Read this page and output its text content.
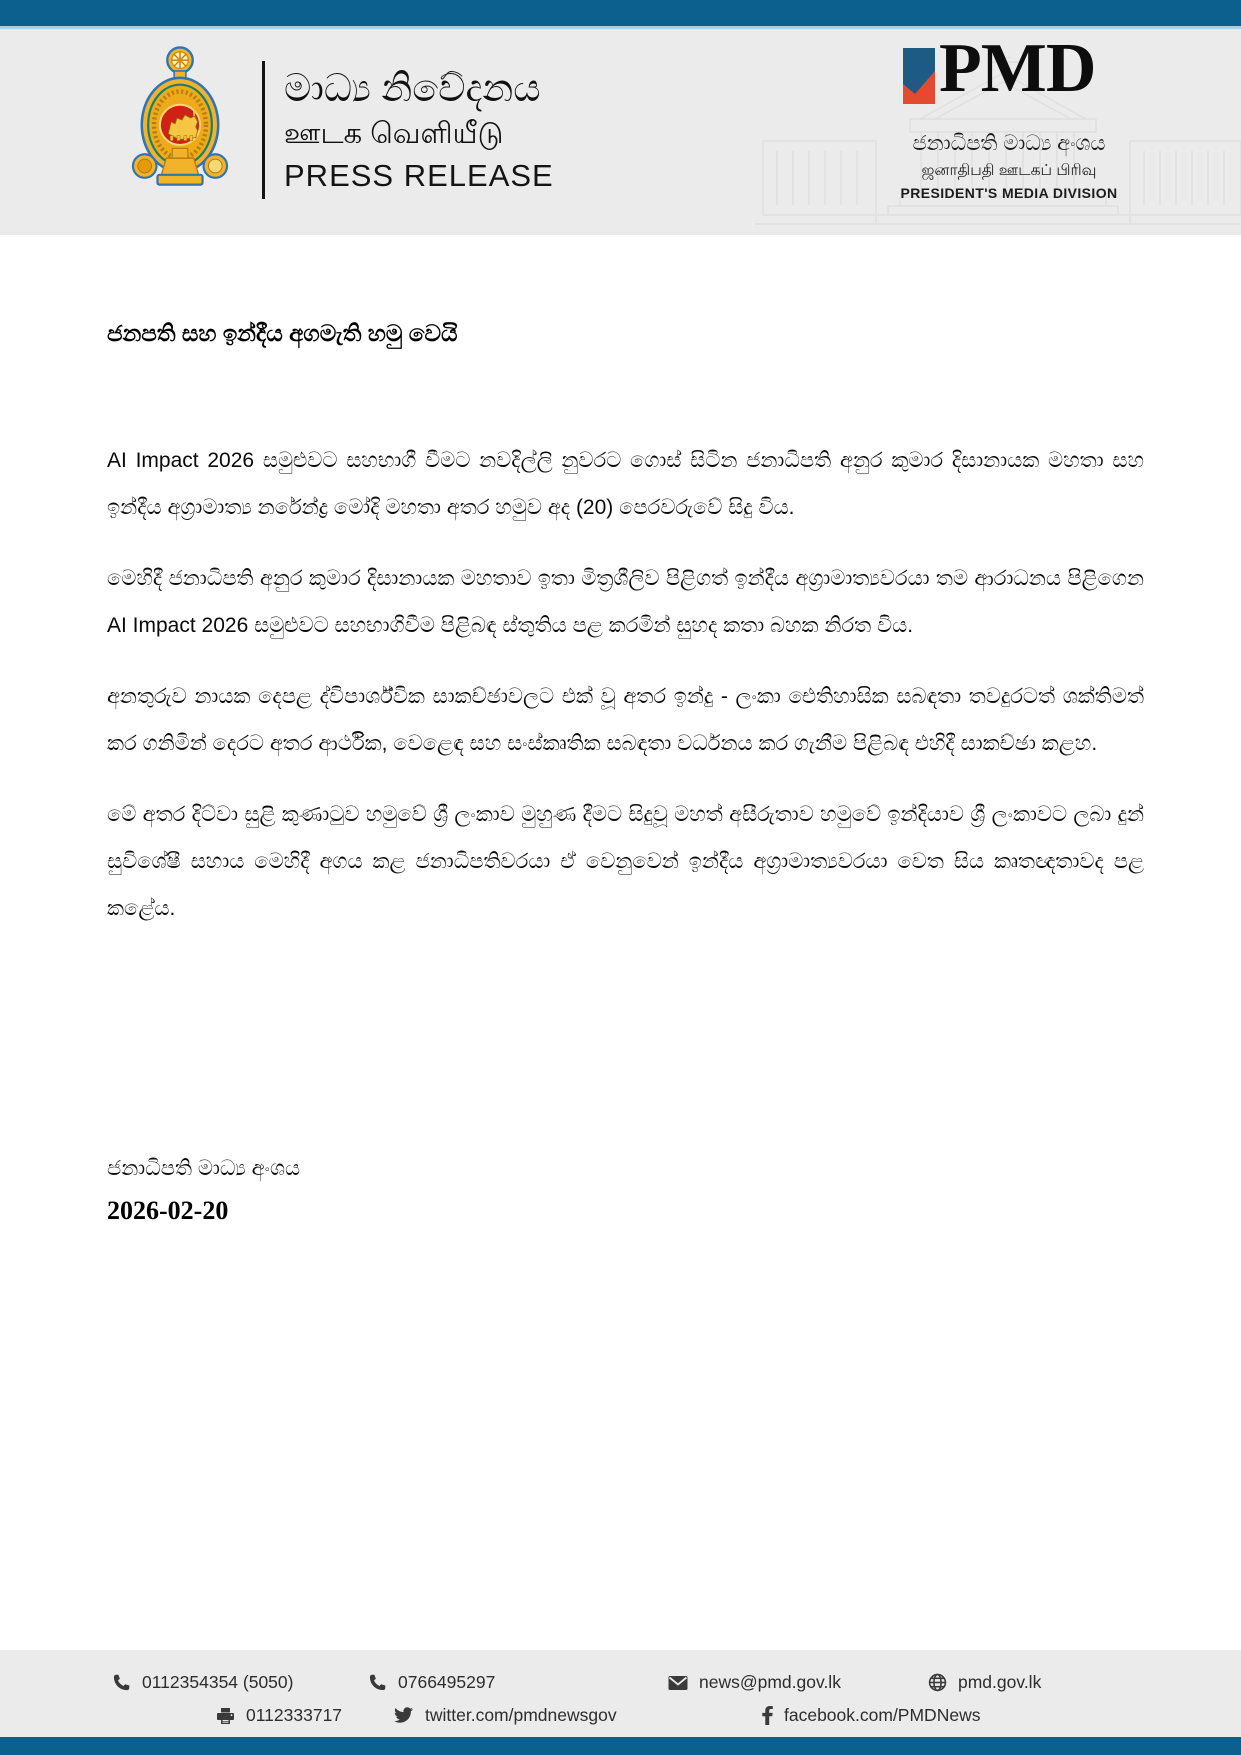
මාධ්‍ය නිවේදනය
ஊடக வெளியீடு
PRESS RELEASE
PMD
ජනාධිපති මාධ්‍ය අංශය
ஜனாதிபதி ஊடகப் பிரிவு
PRESIDENT'S MEDIA DIVISION
ජනපති සහ ඉන්දීය අගමැති හමු වෙයි

AI Impact 2026 සමුළුවට සහභාගී වීමට නවදිල්ලි නුවරට ගොස් සිටින ජනාධිපති අනුර කුමාර දිසානායක මහතා සහ ඉන්දීය අග්‍රාමාත්‍ය නරේන්ද්‍ර මෝදි මහතා අතර හමුව අද (20) පෙරවරුවේ සිදු විය.

මෙහිදී ජනාධිපති අනුර කුමාර දිසානායක මහතාව ඉතා මිත්‍රශීලිව පිළිගත් ඉන්දීය අග්‍රාමාත්‍යවරයා තම ආරාධනය පිළිගෙන AI Impact 2026 සමුළුවට සහභාගිවීම පිළිබඳ ස්තුතිය පළ කරමින් සුහද කතා බහක නිරත විය.

අනතුරුව නායක දෙපළ ද්විපාර්ශ්වික සාකච්ඡාවලට එක් වූ අතර ඉන්දු - ලංකා ඓතිහාසික සබඳතා තවදුරටත් ශක්තිමත් කර ගනිමින් දෙරට අතර ආර්ථික, වෙළෙඳ සහ සංස්කෘතික සබඳතා වර්ධනය කර ගැනීම පිළිබඳ එහිදී සාකච්ඡා කළහ.

මේ අතර දිට්වා සුළි කුණාටුව හමුවේ ශ්‍රී ලංකාව මුහුණ දීමට සිදුවූ මහත් අසීරුතාව හමුවේ ඉන්දියාව ශ්‍රී ලංකාවට ලබා දුන් සුවිශේෂී සහාය මෙහිදී අගය කළ ජනාධිපතිවරයා ඒ වෙනුවෙන් ඉන්දීය අග්‍රාමාත්‍යවරයා වෙත සිය කෘතඥතාවද පළ කළේය.

ජනාධිපති මාධ්‍ය අංශය
2026-02-20
0112354354 (5050)	0766495297	news@pmd.gov.lk	pmd.gov.lk
0112333717	twitter.com/pmdnewsgov	facebook.com/PMDNews
